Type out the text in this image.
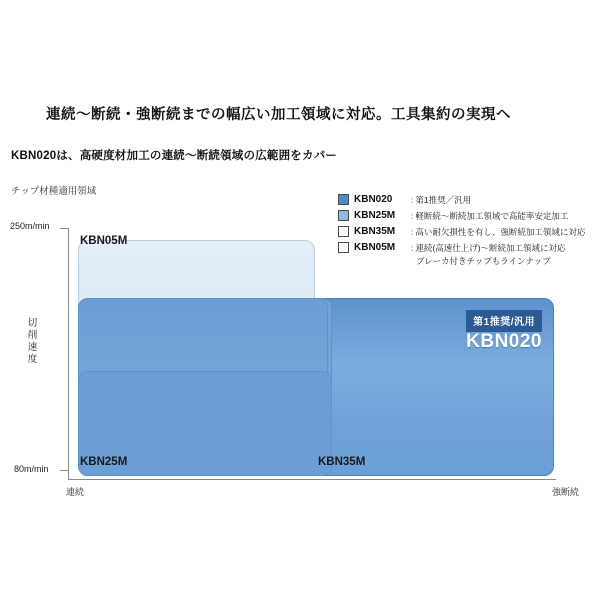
連続〜断続・強断続までの幅広い加工領域に対応。工具集約の実現へ
KBN020は、高硬度材加工の連続〜断続領域の広範囲をカバー
チップ材種適用領域
KBN020	: 第1推奨／汎用
KBN25M	: 軽断続〜断続加工領域で高能率安定加工
KBN35M	: 高い耐欠損性を有し、強断続加工領域に対応
KBN05M	: 連続(高速仕上げ)〜断続加工領域に対応
ブレーカ付きチップもラインナップ
250m/min
80m/min
切削速度
連続	強断続
KBN05M
KBN25M	KBN35M
第1推奨/汎用
KBN020
